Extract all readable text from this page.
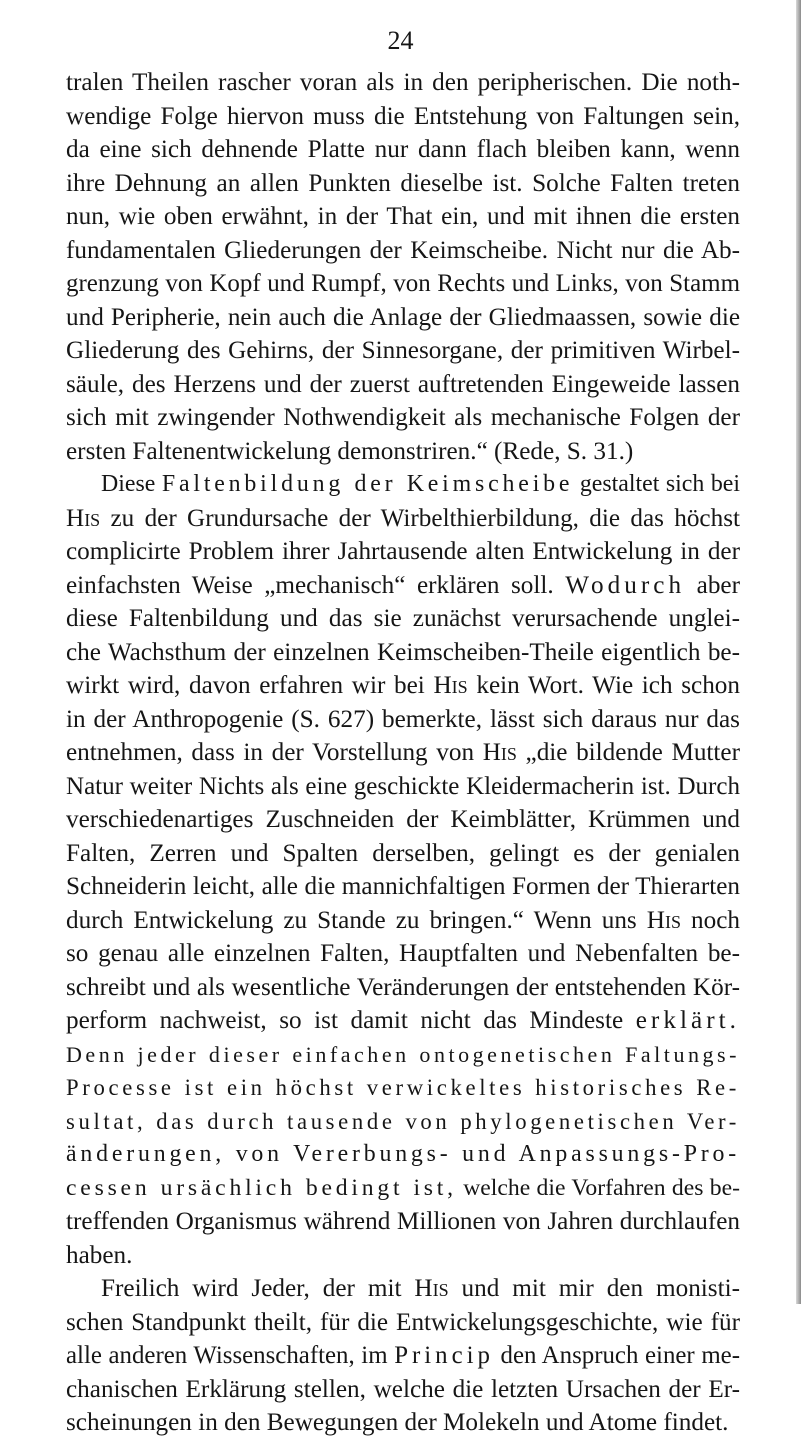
24
tralen Theilen rascher voran als in den peripherischen. Die noth-
wendige Folge hiervon muss die Entstehung von Faltungen sein,
da eine sich dehnende Platte nur dann flach bleiben kann, wenn
ihre Dehnung an allen Punkten dieselbe ist. Solche Falten treten
nun, wie oben erwähnt, in der That ein, und mit ihnen die ersten
fundamentalen Gliederungen der Keimscheibe. Nicht nur die Ab-
grenzung von Kopf und Rumpf, von Rechts und Links, von Stamm
und Peripherie, nein auch die Anlage der Gliedmaassen, sowie die
Gliederung des Gehirns, der Sinnesorgane, der primitiven Wirbel-
säule, des Herzens und der zuerst auftretenden Eingeweide lassen
sich mit zwingender Nothwendigkeit als mechanische Folgen der
ersten Faltenentwickelung demonstriren.“ (Rede, S. 31.)
Diese Faltenbildung der Keimscheibe gestaltet sich bei
His zu der Grundursache der Wirbelthierbildung, die das höchst
complicirte Problem ihrer Jahrtausende alten Entwickelung in der
einfachsten Weise „mechanisch“ erklären soll. Wodurch aber
diese Faltenbildung und das sie zunächst verursachende unglei-
che Wachsthum der einzelnen Keimscheiben-Theile eigentlich be-
wirkt wird, davon erfahren wir bei His kein Wort. Wie ich schon
in der Anthropogenie (S. 627) bemerkte, lässt sich daraus nur das
entnehmen, dass in der Vorstellung von His „die bildende Mutter
Natur weiter Nichts als eine geschickte Kleidermacherin ist. Durch
verschiedenartiges Zuschneiden der Keimblätter, Krümmen und
Falten, Zerren und Spalten derselben, gelingt es der genialen
Schneiderin leicht, alle die mannichfaltigen Formen der Thierarten
durch Entwickelung zu Stande zu bringen.“ Wenn uns His noch
so genau alle einzelnen Falten, Hauptfalten und Nebenfalten be-
schreibt und als wesentliche Veränderungen der entstehenden Kör-
perform nachweist, so ist damit nicht das Mindeste erklärt.
Denn jeder dieser einfachen ontogenetischen Faltungs-
Processe ist ein höchst verwickeltes historisches Re-
sultat, das durch tausende von phylogenetischen Ver-
änderungen, von Vererbungs- und Anpassungs-Pro-
cessen ursächlich bedingt ist, welche die Vorfahren des be-
treffenden Organismus während Millionen von Jahren durchlaufen
haben.
Freilich wird Jeder, der mit His und mit mir den monisti-
schen Standpunkt theilt, für die Entwickelungsgeschichte, wie für
alle anderen Wissenschaften, im Princip den Anspruch einer me-
chanischen Erklärung stellen, welche die letzten Ursachen der Er-
scheinungen in den Bewegungen der Molekeln und Atome findet.
